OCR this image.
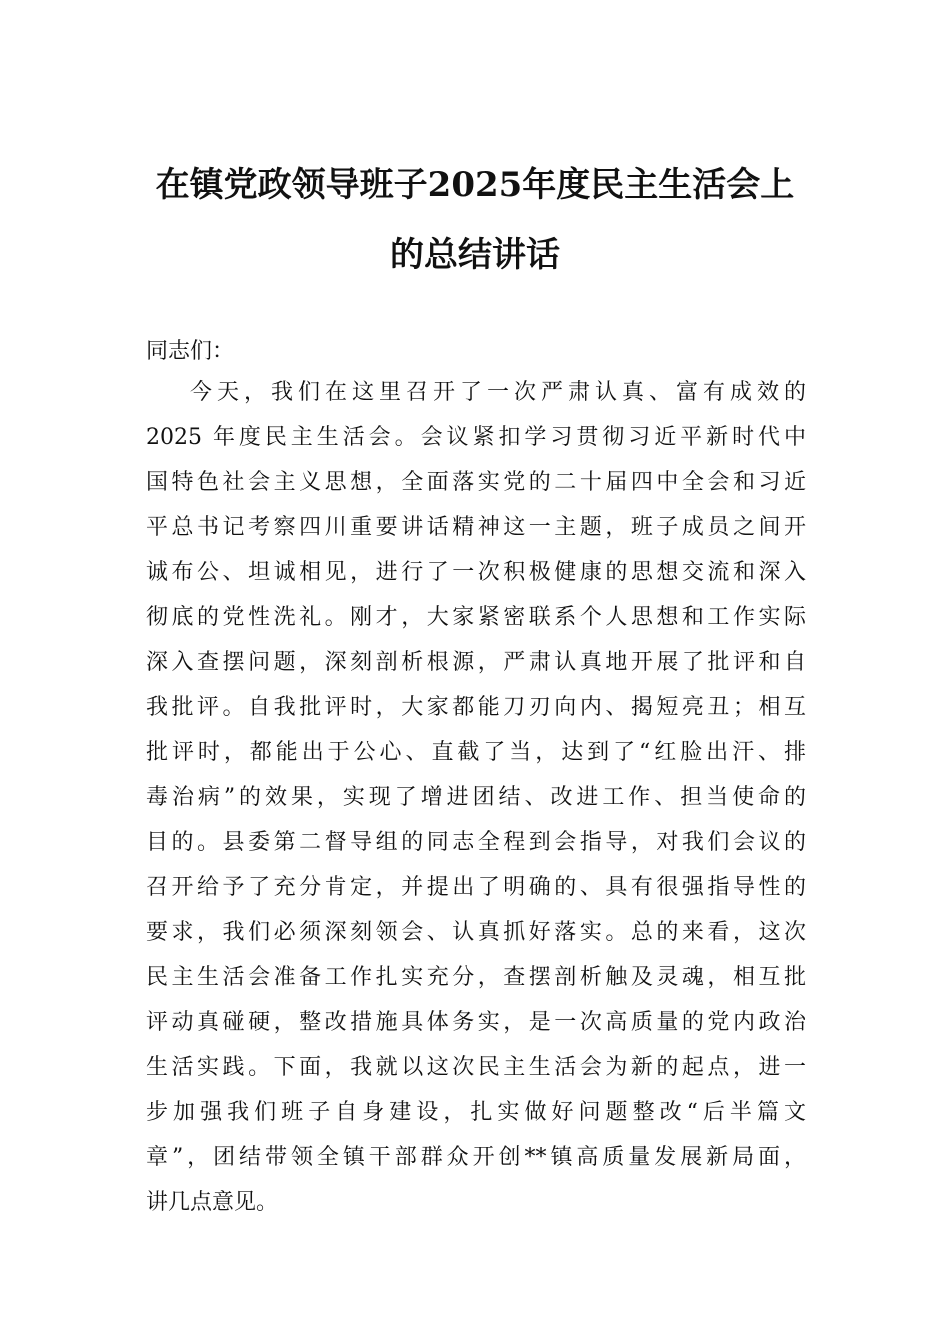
在镇党政领导班子2025年度民主生活会上
的总结讲话
同志们：
今天，我们在这里召开了一次严肃认真、富有成效的
2025 年度民主生活会。会议紧扣学习贯彻习近平新时代中
国特色社会主义思想，全面落实党的二十届四中全会和习近
平总书记考察四川重要讲话精神这一主题，班子成员之间开
诚布公、坦诚相见，进行了一次积极健康的思想交流和深入
彻底的党性洗礼。刚才，大家紧密联系个人思想和工作实际
深入查摆问题，深刻剖析根源，严肃认真地开展了批评和自
我批评。自我批评时，大家都能刀刃向内、揭短亮丑；相互
批评时，都能出于公心、直截了当，达到了“红脸出汗、排
毒治病”的效果，实现了增进团结、改进工作、担当使命的
目的。县委第二督导组的同志全程到会指导，对我们会议的
召开给予了充分肯定，并提出了明确的、具有很强指导性的
要求，我们必须深刻领会、认真抓好落实。总的来看，这次
民主生活会准备工作扎实充分，查摆剖析触及灵魂，相互批
评动真碰硬，整改措施具体务实，是一次高质量的党内政治
生活实践。下面，我就以这次民主生活会为新的起点，进一
步加强我们班子自身建设，扎实做好问题整改“后半篇文
章”，团结带领全镇干部群众开创**镇高质量发展新局面，
讲几点意见。
